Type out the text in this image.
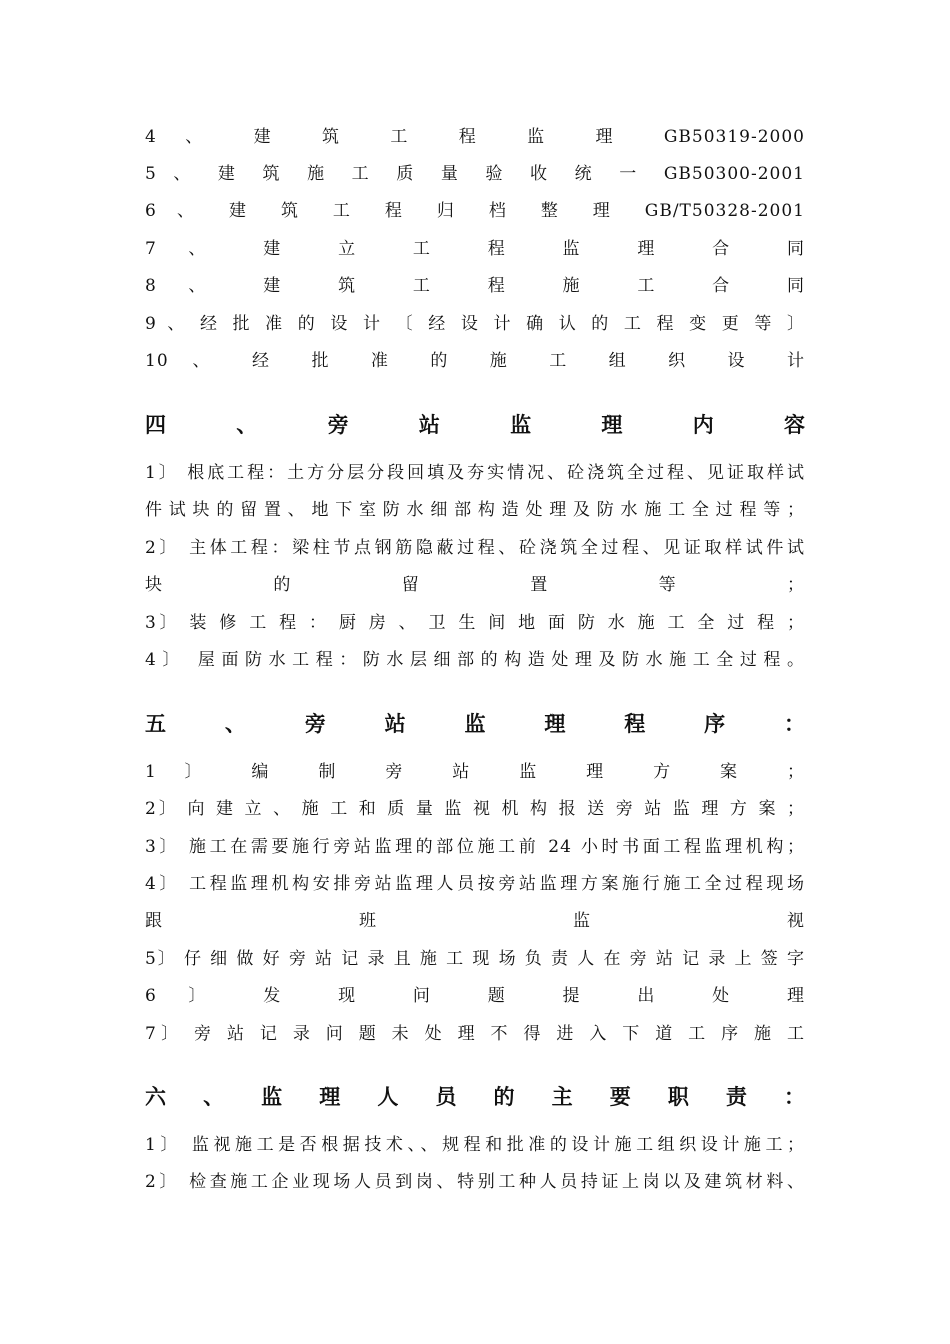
4 、 建 筑 工 程 监 理 GB50319-2000
5 、 建 筑 施 工 质 量 验 收 统 一 GB50300-2001
6 、 建 筑 工 程 归 档 整 理 GB/T50328-2001
7 、 建 立 工 程 监 理 合 同
8 、 建 筑 工 程 施 工 合 同
9 、 经 批 准 的 设 计 〔 经 设 计 确 认 的 工 程 变 更 等 〕
10 、 经 批 准 的 施 工 组 织 设 计
四 、 旁 站 监 理 内 容
1〕 根底工程：土方分层分段回填及夯实情况、砼浇筑全过程、见证取样试
件试块的留置、地下室防水细部构造处理及防水施工全过程等；
2〕 主体工程：梁柱节点钢筋隐蔽过程、砼浇筑全过程、见证取样试件试
块 的 留 置 等 ；
3〕 装 修 工 程 ： 厨 房 、 卫 生 间 地 面 防 水 施 工 全 过 程 ；
4〕 屋面防水工程：防水层细部的构造处理及防水施工全过程。
五 、 旁 站 监 理 程 序 ：
1 〕 编 制 旁 站 监 理 方 案 ；
2〕 向 建 立 、 施 工 和 质 量 监 视 机 构 报 送 旁 站 监 理 方 案 ；
3〕 施工在需要施行旁站监理的部位施工前 24 小时书面工程监理机构；
4〕 工程监理机构安排旁站监理人员按旁站监理方案施行施工全过程现场
跟 班 监 视
5〕 仔 细 做 好 旁 站 记 录 且 施 工 现 场 负 责 人 在 旁 站 记 录 上 签 字
6 〕 发 现 问 题 提 出 处 理
7〕 旁 站 记 录 问 题 未 处 理 不 得 进 入 下 道 工 序 施 工
六 、 监 理 人 员 的 主 要 职 责 ：
1〕 监视施工是否根据技术、、规程和批准的设计施工组织设计施工；
2〕 检查施工企业现场人员到岗、特别工种人员持证上岗以及建筑材料、
